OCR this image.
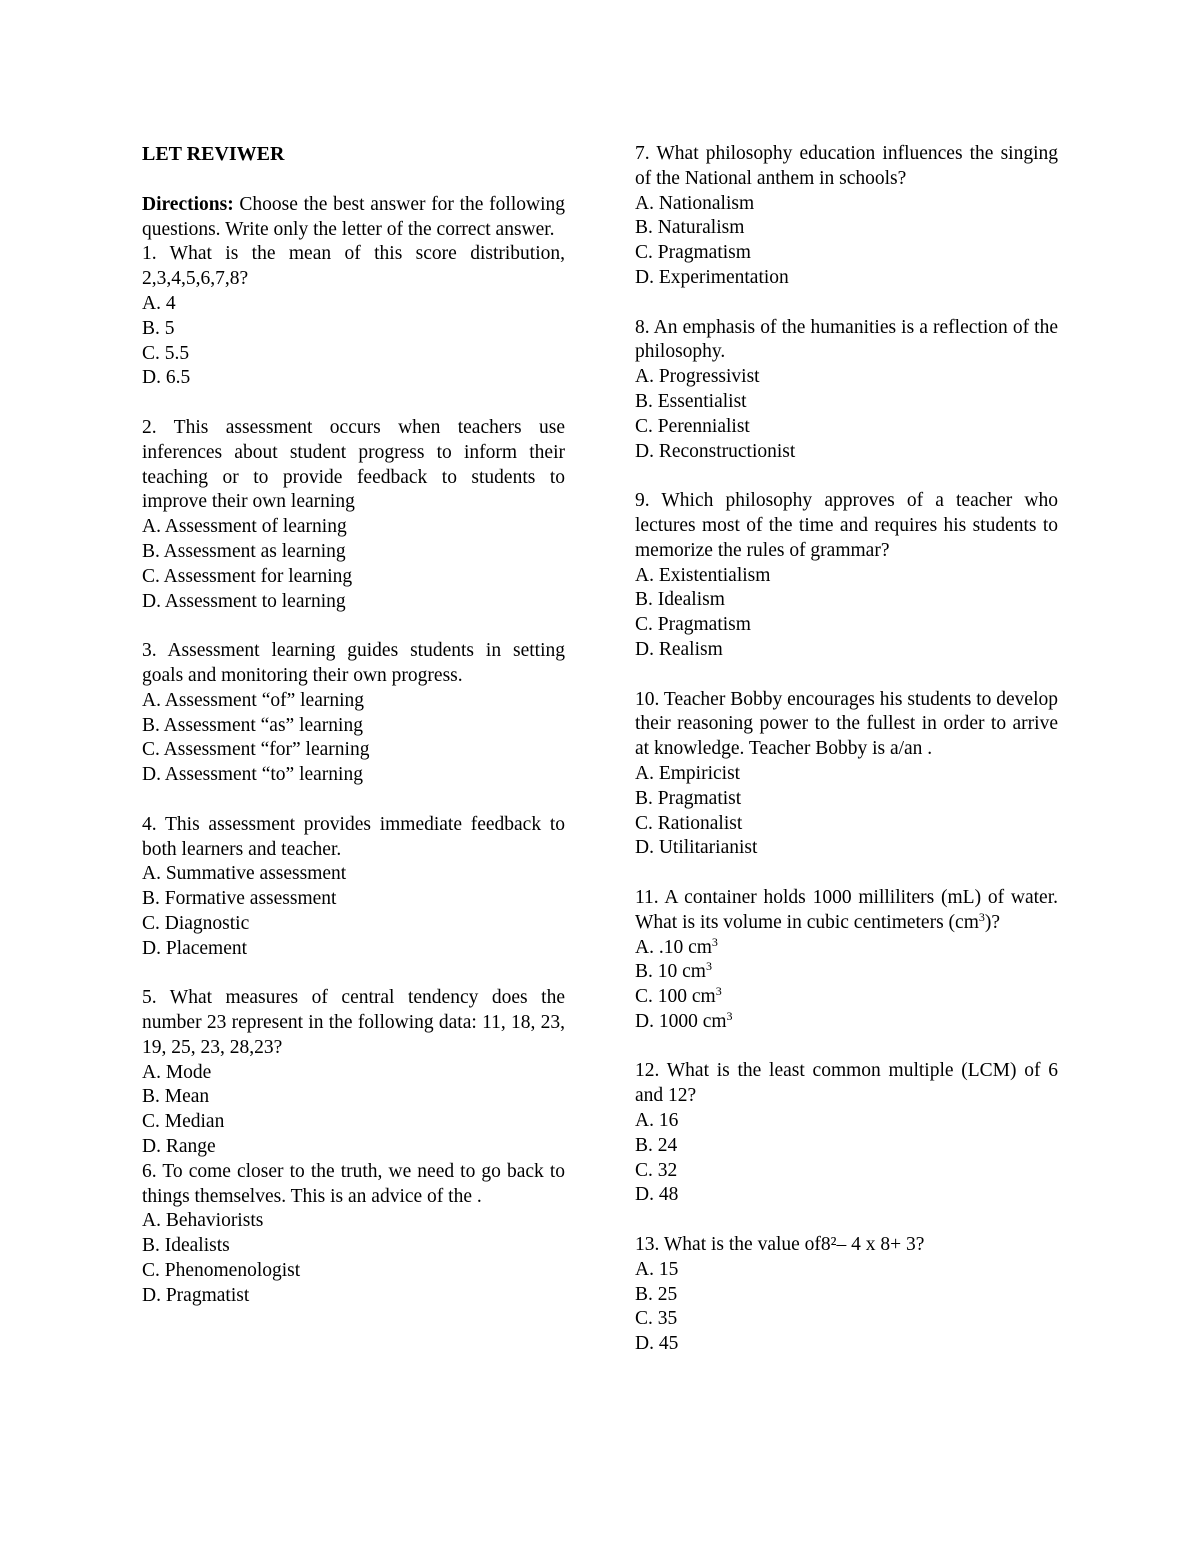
LET REVIWER
Directions: Choose the best answer for the following questions. Write only the letter of the correct answer.
1. What is the mean of this score distribution, 2,3,4,5,6,7,8?
A. 4
B. 5
C. 5.5
D. 6.5
2. This assessment occurs when teachers use inferences about student progress to inform their teaching or to provide feedback to students to improve their own learning
A. Assessment of learning
B. Assessment as learning
C. Assessment for learning
D. Assessment to learning
3. Assessment learning guides students in setting goals and monitoring their own progress.
A. Assessment “of” learning
B. Assessment “as” learning
C. Assessment “for” learning
D. Assessment “to” learning
4. This assessment provides immediate feedback to both learners and teacher.
A. Summative assessment
B. Formative assessment
C. Diagnostic
D. Placement
5. What measures of central tendency does the number 23 represent in the following data: 11, 18, 23, 19, 25, 23, 28,23?
A. Mode
B. Mean
C. Median
D. Range
6. To come closer to the truth, we need to go back to things themselves. This is an advice of the .
A. Behaviorists
B. Idealists
C. Phenomenologist
D. Pragmatist
7. What philosophy education influences the singing of the National anthem in schools?
A. Nationalism
B. Naturalism
C. Pragmatism
D. Experimentation
8. An emphasis of the humanities is a reflection of the philosophy.
A. Progressivist
B. Essentialist
C. Perennialist
D. Reconstructionist
9. Which philosophy approves of a teacher who lectures most of the time and requires his students to memorize the rules of grammar?
A. Existentialism
B. Idealism
C. Pragmatism
D. Realism
10. Teacher Bobby encourages his students to develop their reasoning power to the fullest in order to arrive at knowledge. Teacher Bobby is a/an .
A. Empiricist
B. Pragmatist
C. Rationalist
D. Utilitarianist
11. A container holds 1000 milliliters (mL) of water. What is its volume in cubic centimeters $(cm^3)$?
A. .10 $cm^3$
B. 10 $cm^3$
C. 100 $cm^3$
D. 1000 $cm^3$
12. What is the least common multiple (LCM) of 6 and 12?
A. 16
B. 24
C. 32
D. 48
13. What is the value of8²– 4 x 8+ 3?
A. 15
B. 25
C. 35
D. 45
